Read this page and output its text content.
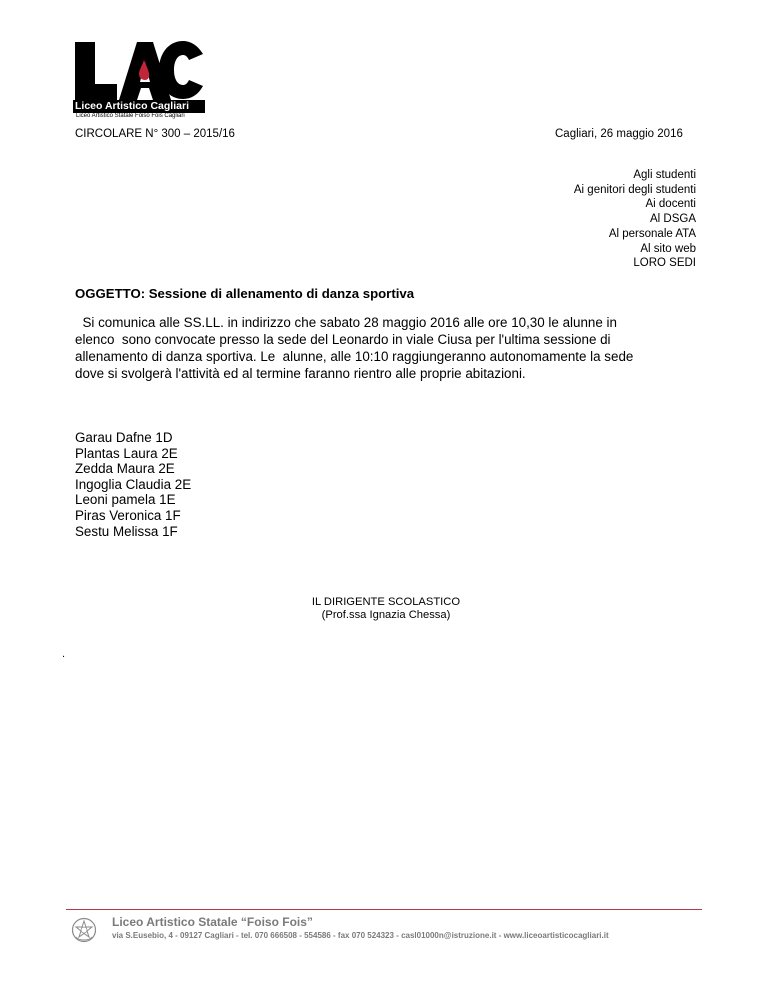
Liceo Artistico Cagliari
Liceo Artistico Statale Foiso Fois Cagliari
CIRCOLARE N° 300 – 2015/16	Cagliari, 26 maggio 2016
Agli studenti
Ai genitori degli studenti
Ai docenti
Al DSGA
Al personale ATA
Al sito web
LORO SEDI
OGGETTO: Sessione di allenamento di danza sportiva
Si comunica alle SS.LL. in indirizzo che sabato 28 maggio 2016 alle ore 10,30 le alunne in
elenco  sono convocate presso la sede del Leonardo in viale Ciusa per l'ultima sessione di
allenamento di danza sportiva. Le  alunne, alle 10:10 raggiungeranno autonomamente la sede
dove si svolgerà l'attività ed al termine faranno rientro alle proprie abitazioni.
Garau Dafne 1D
Plantas Laura 2E
Zedda Maura 2E
Ingoglia Claudia 2E
Leoni pamela 1E
Piras Veronica 1F
Sestu Melissa 1F
IL DIRIGENTE SCOLASTICO
(Prof.ssa Ignazia Chessa)
.
Liceo Artistico Statale “Foiso Fois”
via S.Eusebio, 4 - 09127 Cagliari - tel. 070 666508 - 554586 - fax 070 524323 - casl01000n@istruzione.it - www.liceoartisticocagliari.it
